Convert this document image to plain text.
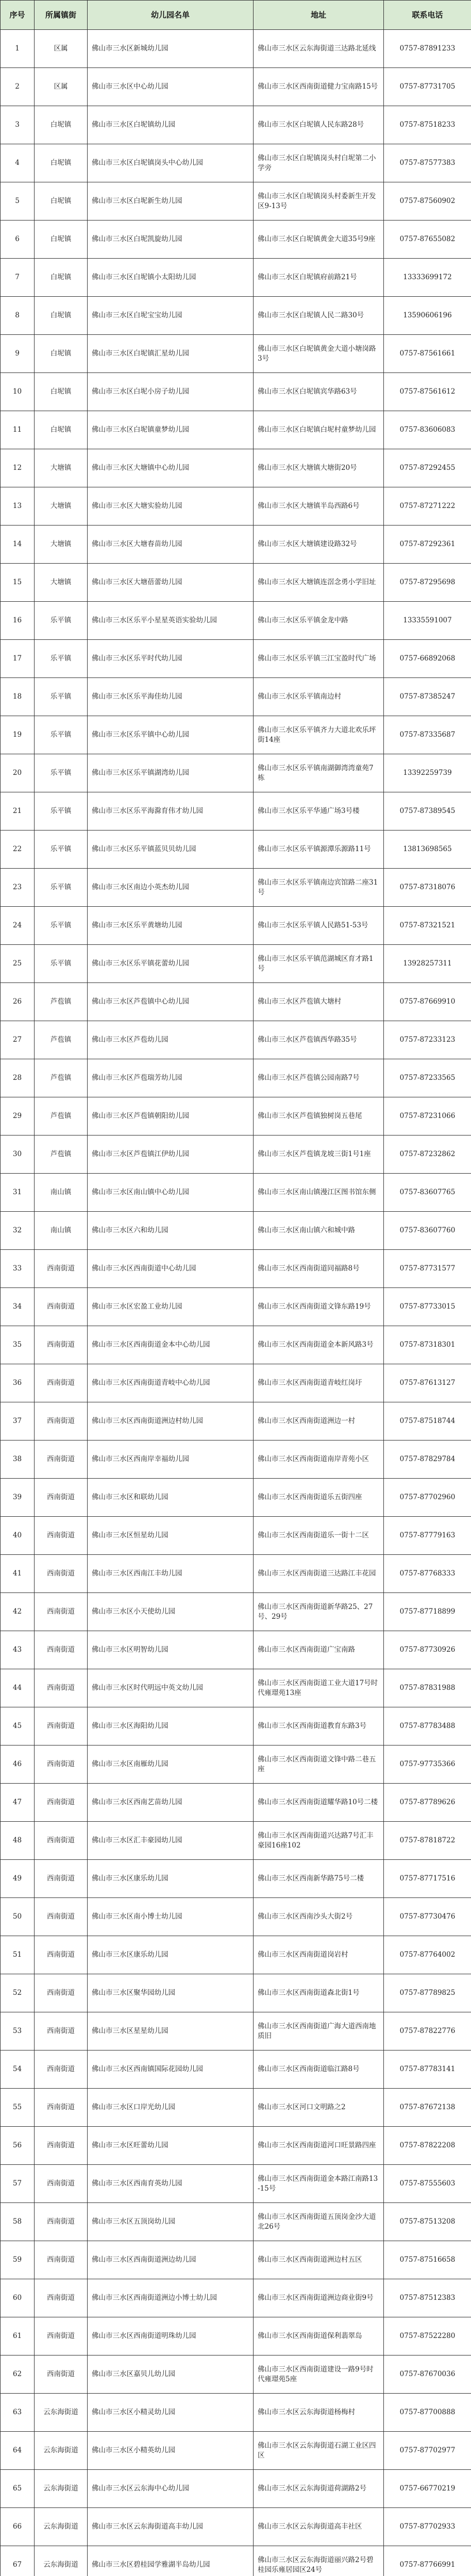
序号	所属镇街	幼儿园名单	地址	联系电话
1	区属	佛山市三水区新城幼儿园	佛山市三水区云东海街道三达路北延线	0757-87891233
2	区属	佛山市三水区中心幼儿园	佛山市三水区西南街道健力宝南路15号	0757-87731705
3	白坭镇	佛山市三水区白坭镇幼儿园	佛山市三水区白坭镇人民东路28号	0757-87518233
4	白坭镇	佛山市三水区白坭镇岗头中心幼儿园	佛山市三水区白坭镇岗头村白坭第二小学旁	0757-87577383
5	白坭镇	佛山市三水区白坭新生幼儿园	佛山市三水区白坭镇岗头村委新生开发区9-13号	0757-87560902
6	白坭镇	佛山市三水区白坭凯旋幼儿园	佛山市三水区白坭镇黄金大道35号9座	0757-87655082
7	白坭镇	佛山市三水区白坭镇小太阳幼儿园	佛山市三水区白坭镇府前路21号	13333699172
8	白坭镇	佛山市三水区白坭宝宝幼儿园	佛山市三水区白坭镇人民二路30号	13590606196
9	白坭镇	佛山市三水区白坭镇汇星幼儿园	佛山市三水区白坭镇黄金大道小塘岗路3号	0757-87561661
10	白坭镇	佛山市三水区白坭小房子幼儿园	佛山市三水区白坭镇宾华路63号	0757-87561612
11	白坭镇	佛山市三水区白坭镇童梦幼儿园	佛山市三水区白坭镇白坭村童梦幼儿园	0757-83606083
12	大塘镇	佛山市三水区大塘镇中心幼儿园	佛山市三水区大塘镇大塘街20号	0757-87292455
13	大塘镇	佛山市三水区大塘实验幼儿园	佛山市三水区大塘镇半岛西路6号	0757-87271222
14	大塘镇	佛山市三水区大塘春苗幼儿园	佛山市三水区大塘镇建设路32号	0757-87292361
15	大塘镇	佛山市三水区大塘蓓蕾幼儿园	佛山市三水区大塘镇连滘念勇小学旧址	0757-87295698
16	乐平镇	佛山市三水区乐平小星星英语实验幼儿园	佛山市三水区乐平镇金龙中路	13335591007
17	乐平镇	佛山市三水区乐平时代幼儿园	佛山市三水区乐平镇三江宝盈时代广场	0757-66892068
18	乐平镇	佛山市三水区乐平海佳幼儿园	佛山市三水区乐平镇南边村	0757-87385247
19	乐平镇	佛山市三水区乐平镇中心幼儿园	佛山市三水区乐平镇齐力大道北欢乐坪街14座	0757-87335687
20	乐平镇	佛山市三水区乐平镇湖湾幼儿园	佛山市三水区乐平镇南湖御湾湾童苑7栋	13392259739
21	乐平镇	佛山市三水区乐平海滁育伟才幼儿园	佛山市三水区乐平华通广场3号楼	0757-87389545
22	乐平镇	佛山市三水区乐平镇蓝贝贝幼儿园	佛山市三水区乐平镇源潭乐源路11号	13813698565
23	乐平镇	佛山市三水区南边小英杰幼儿园	佛山市三水区乐平镇南边宾馆路二座31号	0757-87318076
24	乐平镇	佛山市三水区乐平黄塘幼儿园	佛山市三水区乐平镇人民路51-53号	0757-87321521
25	乐平镇	佛山市三水区乐平镇花蕾幼儿园	佛山市三水区乐平镇范湖城区育才路1号	13928257311
26	芦苞镇	佛山市三水区芦苞镇中心幼儿园	佛山市三水区芦苞镇大塘村	0757-87669910
27	芦苞镇	佛山市三水区芦苞幼儿园	佛山市三水区芦苞镇西华路35号	0757-87233123
28	芦苞镇	佛山市三水区芦苞瑞芳幼儿园	佛山市三水区芦苞镇公园南路7号	0757-87233565
29	芦苞镇	佛山市三水区芦苞镇朝阳幼儿园	佛山市三水区芦苞镇独树岗五巷尾	0757-87231066
30	芦苞镇	佛山市三水区芦苞镇江伊幼儿园	佛山市三水区芦苞镇龙坡三街1号1座	0757-87232862
31	南山镇	佛山市三水区南山镇中心幼儿园	佛山市三水区南山镇漫江区图书馆东侧	0757-83607765
32	南山镇	佛山市三水区六和幼儿园	佛山市三水区南山镇六和城中路	0757-83607760
33	西南街道	佛山市三水区西南街道中心幼儿园	佛山市三水区西南街道同福路8号	0757-87731577
34	西南街道	佛山市三水区宏盈工业幼儿园	佛山市三水区西南街道文锋东路19号	0757-87733015
35	西南街道	佛山市三水区西南街道金本中心幼儿园	佛山市三水区西南街道金本新风路3号	0757-87318301
36	西南街道	佛山市三水区西南街道青岐中心幼儿园	佛山市三水区西南街道青岐红岗圩	0757-87613127
37	西南街道	佛山市三水区西南街道洲边村幼儿园	佛山市三水区西南街道洲边一村	0757-87518744
38	西南街道	佛山市三水区西南岸幸福幼儿园	佛山市三水区西南街道南岸青苑小区	0757-87829784
39	西南街道	佛山市三水区和联幼儿园	佛山市三水区西南街道乐五街四座	0757-87702960
40	西南街道	佛山市三水区恒星幼儿园	佛山市三水区西南街道乐一街十二区	0757-87779163
41	西南街道	佛山市三水区西南江丰幼儿园	佛山市三水区西南街道三达路江丰花园	0757-87768333
42	西南街道	佛山市三水区小天使幼儿园	佛山市三水区西南街道新华路25、27号、29号	0757-87718899
43	西南街道	佛山市三水区明智幼儿园	佛山市三水区西南街道广宝南路	0757-87730926
44	西南街道	佛山市三水区时代明远中英文幼儿园	佛山市三水区西南街道工业大道17号时代雍璟苑13座	0757-87831988
45	西南街道	佛山市三水区海阳幼儿园	佛山市三水区西南街道教育东路3号	0757-87783488
46	西南街道	佛山市三水区南雁幼儿园	佛山市三水区西南街道文锋中路二巷五座	0757-97735366
47	西南街道	佛山市三水区西南艺苗幼儿园	佛山市三水区西南街道耀华路10号二楼	0757-87789626
48	西南街道	佛山市三水区汇丰豪园幼儿园	佛山市三水区西南街道兴达路7号汇丰豪园16座102	0757-87818722
49	西南街道	佛山市三水区康乐幼儿园	佛山市三水区西南新华路75号二楼	0757-87717516
50	西南街道	佛山市三水区南小博士幼儿园	佛山市三水区西南沙头大街2号	0757-87730476
51	西南街道	佛山市三水区康乐幼儿园	佛山市三水区西南街道岗岩村	0757-87764002
52	西南街道	佛山市三水区聚华园幼儿园	佛山市三水区西南街道森北街1号	0757-87789825
53	西南街道	佛山市三水区星星幼儿园	佛山市三水区西南街道广海大道西南地质旧	0757-87822776
54	西南街道	佛山市三水区西南镇国际花园幼儿园	佛山市三水区西南街道临江路8号	0757-87783141
55	西南街道	佛山市三水区口岸光幼儿园	佛山市三水区河口文明路之2	0757-87672138
56	西南街道	佛山市三水区旺蕾幼儿园	佛山市三水区西南街道河口旺景路四座	0757-87822208
57	西南街道	佛山市三水区西南育英幼儿园	佛山市三水区西南街道金本路江南路13-15号	0757-87555603
58	西南街道	佛山市三水区五顶岗幼儿园	佛山市三水区西南街道五顶岗金沙大道北26号	0757-87513208
59	西南街道	佛山市三水区西南街道洲边幼儿园	佛山市三水区西南街道洲边村五区	0757-87516658
60	西南街道	佛山市三水区西南街道洲边小博士幼儿园	佛山市三水区西南街道洲边商业街9号	0757-87512383
61	西南街道	佛山市三水区西南街道明珠幼儿园	佛山市三水区西南街道保利翡翠岛	0757-87522280
62	西南街道	佛山市三水区嘉贝儿幼儿园	佛山市三水区西南街道建设一路9号时代雍璟苑5座	0757-87670036
63	云东海街道	佛山市三水区小精灵幼儿园	佛山市三水区云东海街道杨梅村	0757-87700888
64	云东海街道	佛山市三水区小精英幼儿园	佛山市三水区云东海街道石湖工业区四区	0757-87702977
65	云东海街道	佛山市三水区云东海中心幼儿园	佛山市三水区云东海街道荷湖路2号	0757-66770219
66	云东海街道	佛山市三水区云东海街道高丰幼儿园	佛山市三水区云东海街道高丰社区	0757-87702933
67	云东海街道	佛山市三水区碧桂园学雅湖半岛幼儿园	佛山市三水区云东海街道丽兴路2号碧桂园乐雍居园区24号	0757-87766991
